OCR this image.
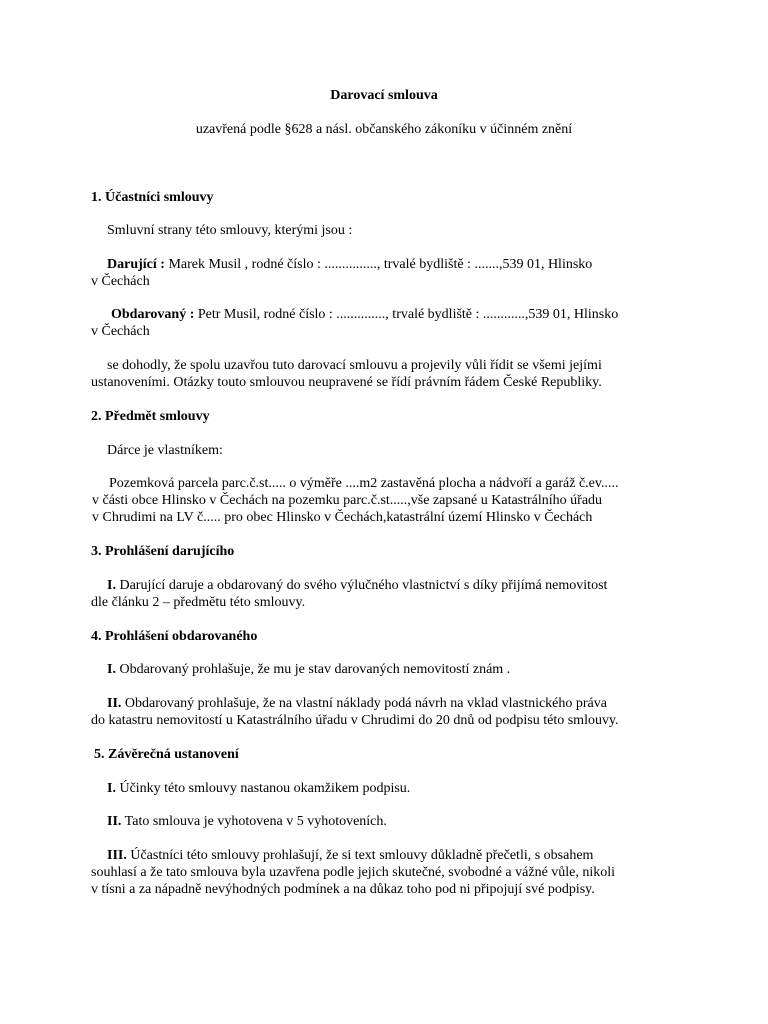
Darovací smlouva
uzavřená podle §628 a násl. občanského zákoníku v účinném znění
1. Účastníci smlouvy
Smluvní strany této smlouvy, kterými jsou :
Darující : Marek Musil , rodné číslo : ..............., trvalé bydliště : .......,539 01, Hlinsko
v Čechách
Obdarovaný : Petr Musil, rodné číslo : .............., trvalé bydliště : ............,539 01, Hlinsko
v Čechách
se dohodly, že spolu uzavřou tuto darovací smlouvu a projevily vůli řídit se všemi jejími
ustanoveními. Otázky touto smlouvou neupravené se řídí právním řádem České Republiky.
2. Předmět smlouvy
Dárce je vlastníkem:
Pozemková parcela parc.č.st..... o výměře ....m2 zastavěná plocha a nádvoří a garáž č.ev.....
v části obce Hlinsko v Čechách na pozemku parc.č.st.....,vše zapsané u Katastrálního úřadu
v Chrudimi na LV č..... pro obec Hlinsko v Čechách,katastrální území Hlinsko v Čechách
3. Prohlášení darujícího
I. Darující daruje a obdarovaný do svého výlučného vlastnictví s díky přijímá nemovitost
dle článku 2 – předmětu této smlouvy.
4. Prohlášení obdarovaného
I. Obdarovaný prohlašuje, že mu je stav darovaných nemovitostí znám .
II. Obdarovaný prohlašuje, že na vlastní náklady podá návrh na vklad vlastnického práva
do katastru nemovitostí u Katastrálního úřadu v Chrudimi do 20 dnů od podpisu této smlouvy.
5. Závěrečná ustanovení
I. Účinky této smlouvy nastanou okamžikem podpisu.
II. Tato smlouva je vyhotovena v 5 vyhotoveních.
III. Účastníci této smlouvy prohlašují, že si text smlouvy důkladně přečetli, s obsahem
souhlasí a že tato smlouva byla uzavřena podle jejich skutečné, svobodné a vážné vůle, nikoli
v tísni a za nápadně nevýhodných podmínek a na důkaz toho pod ni připojují své podpisy.
